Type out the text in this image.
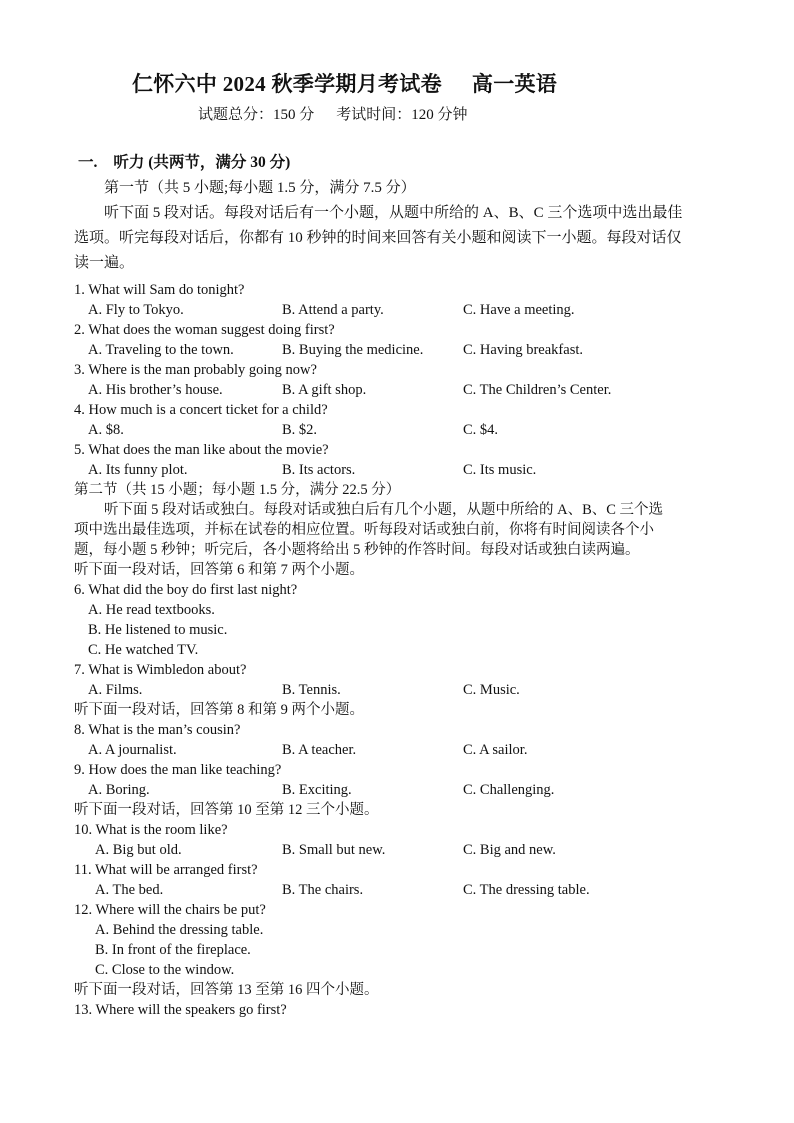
仁怀六中 2024 秋季学期月考试卷 高一英语
试题总分：150 分 考试时间：120 分钟
一. 听力 (共两节，满分 30 分)
第一节（共 5 小题;每小题 1.5 分，满分 7.5 分）
听下面 5 段对话。每段对话后有一个小题，从题中所给的 A、B、C 三个选项中选出最佳
选项。听完每段对话后，你都有 10 秒钟的时间来回答有关小题和阅读下一小题。每段对话仅
读一遍。
1. What will Sam do tonight?
A. Fly to Tokyo.	B. Attend a party.	C. Have a meeting.
2. What does the woman suggest doing first?
A. Traveling to the town.	B. Buying the medicine.	C. Having breakfast.
3. Where is the man probably going now?
A. His brother’s house.	B. A gift shop.	C. The Children’s Center.
4. How much is a concert ticket for a child?
A. $8.	B. $2.	C. $4.
5. What does the man like about the movie?
A. Its funny plot.	B. Its actors.	C. Its music.
第二节（共 15 小题；每小题 1.5 分，满分 22.5 分）
听下面 5 段对话或独白。每段对话或独白后有几个小题，从题中所给的 A、B、C 三个选
项中选出最佳选项，并标在试卷的相应位置。听每段对话或独白前，你将有时间阅读各个小
题，每小题 5 秒钟；听完后，各小题将给出 5 秒钟的作答时间。每段对话或独白读两遍。
听下面一段对话，回答第 6 和第 7 两个小题。
6. What did the boy do first last night?
A. He read textbooks.
B. He listened to music.
C. He watched TV.
7. What is Wimbledon about?
A. Films.	B. Tennis.	C. Music.
听下面一段对话，回答第 8 和第 9 两个小题。
8. What is the man’s cousin?
A. A journalist.	B. A teacher.	C. A sailor.
9. How does the man like teaching?
A. Boring.	B. Exciting.	C. Challenging.
听下面一段对话，回答第 10 至第 12 三个小题。
10. What is the room like?
A. Big but old.	B. Small but new.	C. Big and new.
11. What will be arranged first?
A. The bed.	B. The chairs.	C. The dressing table.
12. Where will the chairs be put?
A. Behind the dressing table.
B. In front of the fireplace.
C. Close to the window.
听下面一段对话，回答第 13 至第 16 四个小题。
13. Where will the speakers go first?
